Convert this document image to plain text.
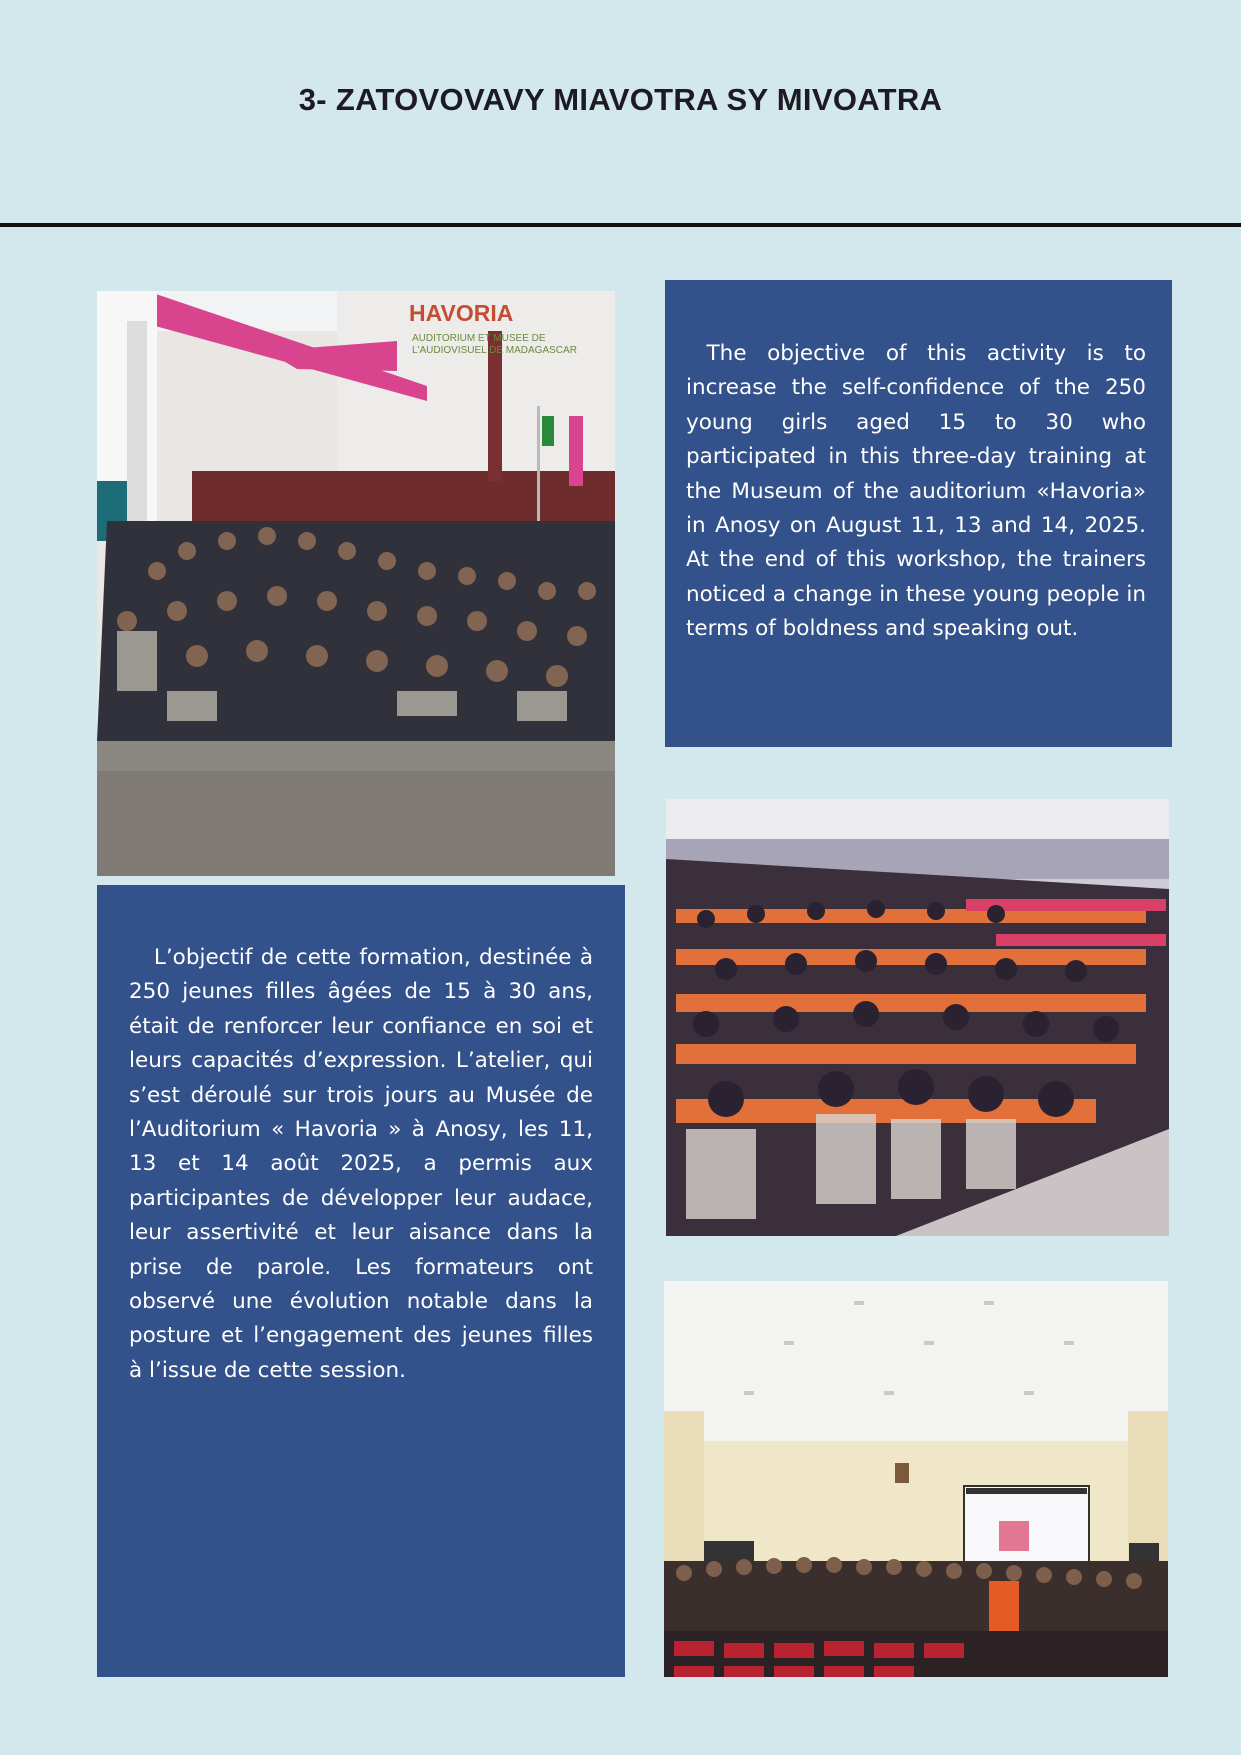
3- ZATOVOVAVY MIAVOTRA SY MIVOATRA

The objective of this activity is to increase the self-confidence of the 250 young girls aged 15 to 30 who participated in this three-day training at the Museum of the auditorium «Havoria» in Anosy on August 11, 13 and 14, 2025. At the end of this workshop, the trainers noticed a change in these young people in terms of boldness and speaking out.

L’objectif de cette formation, destinée à 250 jeunes filles âgées de 15 à 30 ans, était de renforcer leur confiance en soi et leurs capacités d’expression. L’atelier, qui s’est déroulé sur trois jours au Musée de l’Auditorium « Havoria » à Anosy, les 11, 13 et 14 août 2025, a permis aux participantes de développer leur audace, leur assertivité et leur aisance dans la prise de parole. Les formateurs ont observé une évolution notable dans la posture et l’engagement des jeunes filles à l’issue de cette session.

HAVORIA
AUDITORIUM ET MUSEE DE
L'AUDIOVISUEL DE MADAGASCAR
